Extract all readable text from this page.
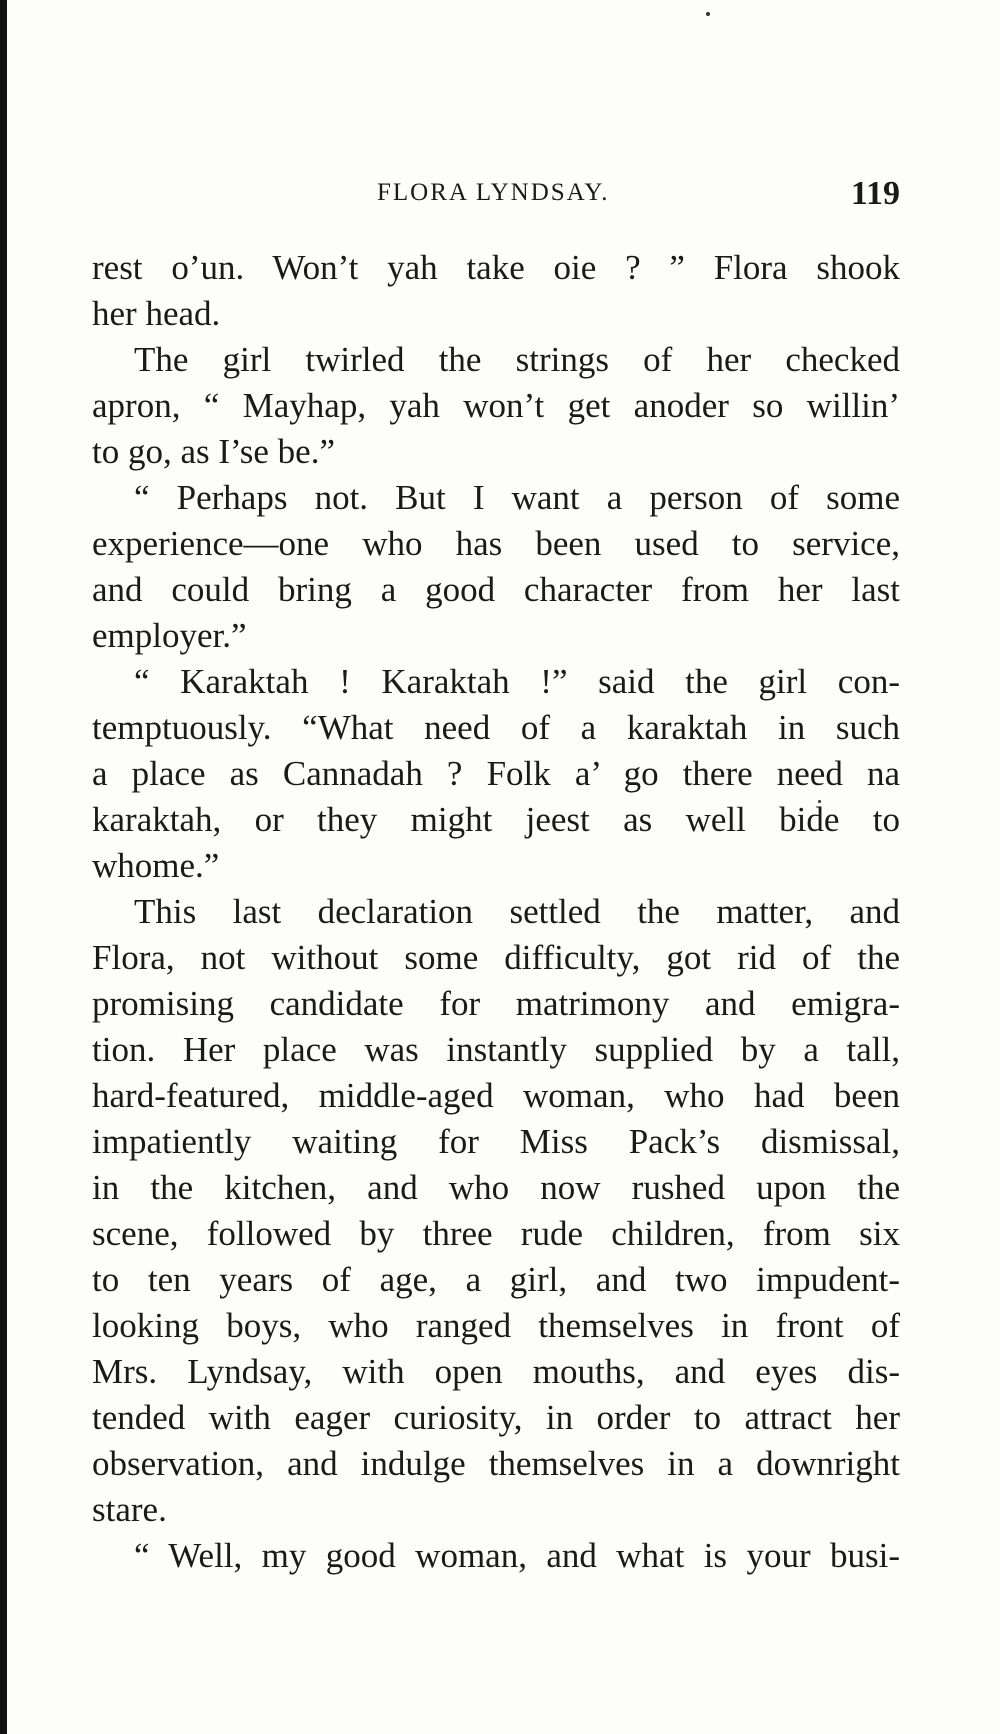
FLORA LYNDSAY.	119
rest o’un. Won’t yah take oie ? ” Flora shook
her head.
The girl twirled the strings of her checked
apron, “ Mayhap, yah won’t get anoder so willin’
to go, as I’se be.”
“ Perhaps not. But I want a person of some
experience—one who has been used to service,
and could bring a good character from her last
employer.”
“ Karaktah ! Karaktah !” said the girl con-
temptuously. “What need of a karaktah in such
a place as Cannadah ? Folk a’ go there need na
karaktah, or they might jeest as well bide to
whome.”
This last declaration settled the matter, and
Flora, not without some difficulty, got rid of the
promising candidate for matrimony and emigra-
tion. Her place was instantly supplied by a tall,
hard-featured, middle-aged woman, who had been
impatiently waiting for Miss Pack’s dismissal,
in the kitchen, and who now rushed upon the
scene, followed by three rude children, from six
to ten years of age, a girl, and two impudent-
looking boys, who ranged themselves in front of
Mrs. Lyndsay, with open mouths, and eyes dis-
tended with eager curiosity, in order to attract her
observation, and indulge themselves in a downright
stare.
“ Well, my good woman, and what is your busi-
